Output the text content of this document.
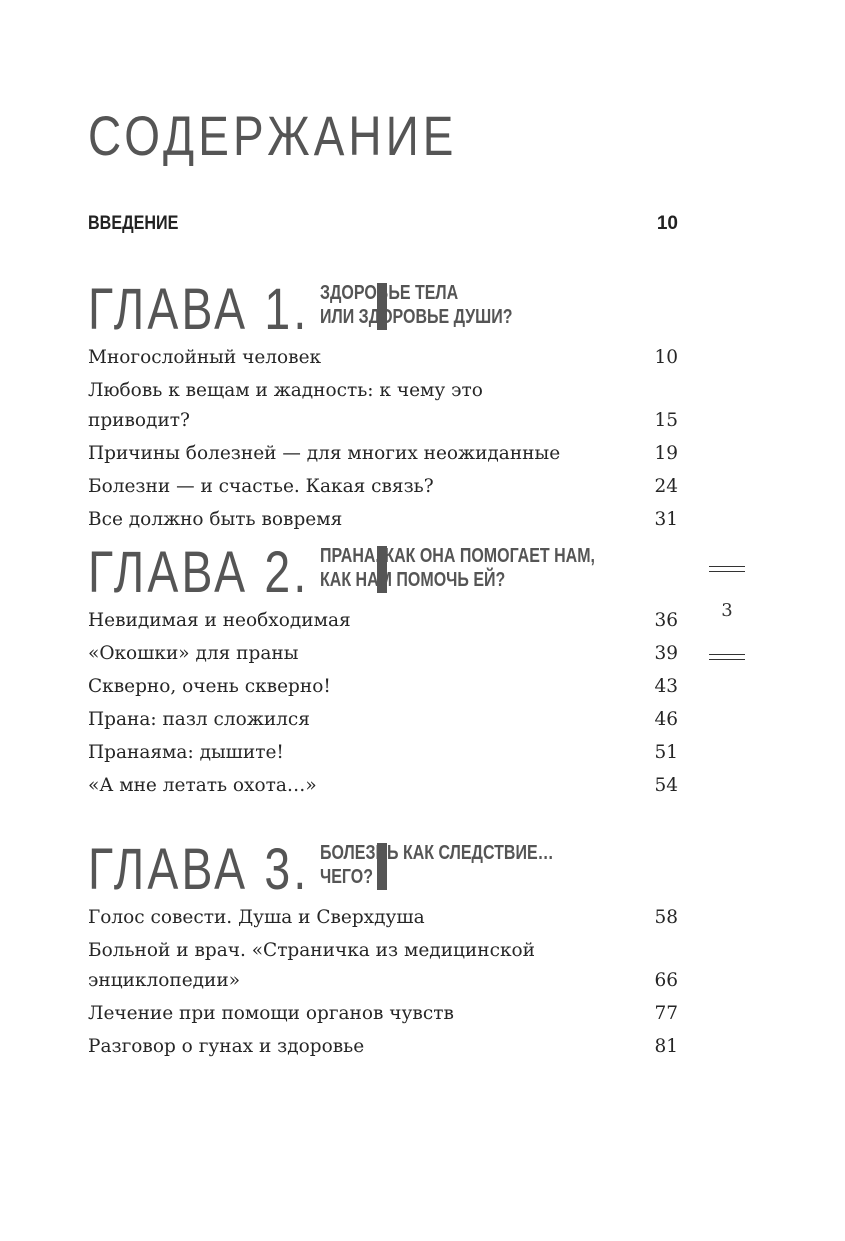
СОДЕРЖАНИЕ
ВВЕДЕНИЕ	10
ГЛАВА 1. ЗДОРОВЬЕ ТЕЛА
ИЛИ ЗДОРОВЬЕ ДУШИ?
Многослойный человек	10
Любовь к вещам и жадность: к чему это приводит?	15
Причины болезней — для многих неожиданные	19
Болезни — и счастье. Какая связь?	24
Все должно быть вовремя	31
ГЛАВА 2. ПРАНА. КАК ОНА ПОМОГАЕТ НАМ,
КАК НАМ ПОМОЧЬ ЕЙ?
Невидимая и необходимая	36
«Окошки» для праны	39
Скверно, очень скверно!	43
Прана: пазл сложился	46
Пранаяма: дышите!	51
«А мне летать охота…»	54
ГЛАВА 3. БОЛЕЗНЬ КАК СЛЕДСТВИЕ…
ЧЕГО?
Голос совести. Душа и Сверхдуша	58
Больной и врач. «Страничка из медицинской энциклопедии»	66
Лечение при помощи органов чувств	77
Разговор о гунах и здоровье	81
3
